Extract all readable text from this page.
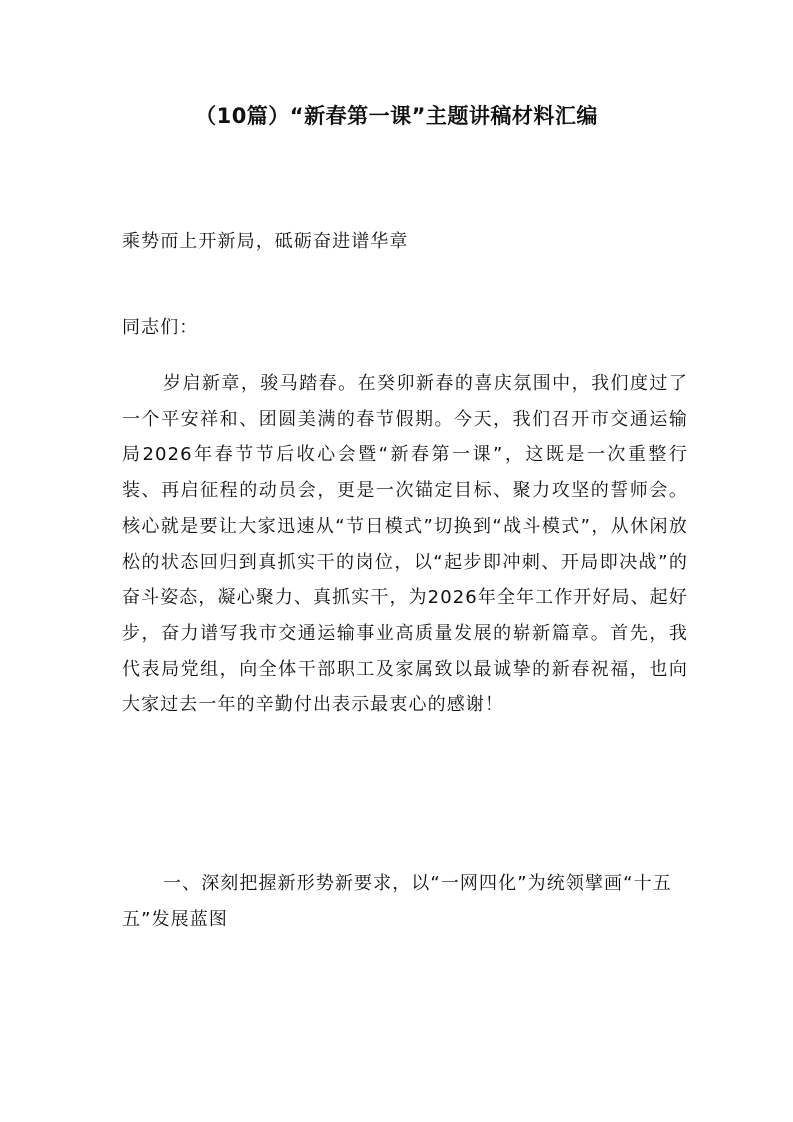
（10篇）“新春第一课”主题讲稿材料汇编

乘势而上开新局，砥砺奋进谱华章

同志们：

岁启新章，骏马踏春。在癸卯新春的喜庆氛围中，我们度过了一个平安祥和、团圆美满的春节假期。今天，我们召开市交通运输局2026年春节节后收心会暨“新春第一课”，这既是一次重整行装、再启征程的动员会，更是一次锚定目标、聚力攻坚的誓师会。核心就是要让大家迅速从“节日模式”切换到“战斗模式”，从休闲放松的状态回归到真抓实干的岗位，以“起步即冲刺、开局即决战”的奋斗姿态，凝心聚力、真抓实干，为2026年全年工作开好局、起好步，奋力谱写我市交通运输事业高质量发展的崭新篇章。首先，我代表局党组，向全体干部职工及家属致以最诚挚的新春祝福，也向大家过去一年的辛勤付出表示最衷心的感谢！

一、深刻把握新形势新要求，以“一网四化”为统领擘画“十五五”发展蓝图
